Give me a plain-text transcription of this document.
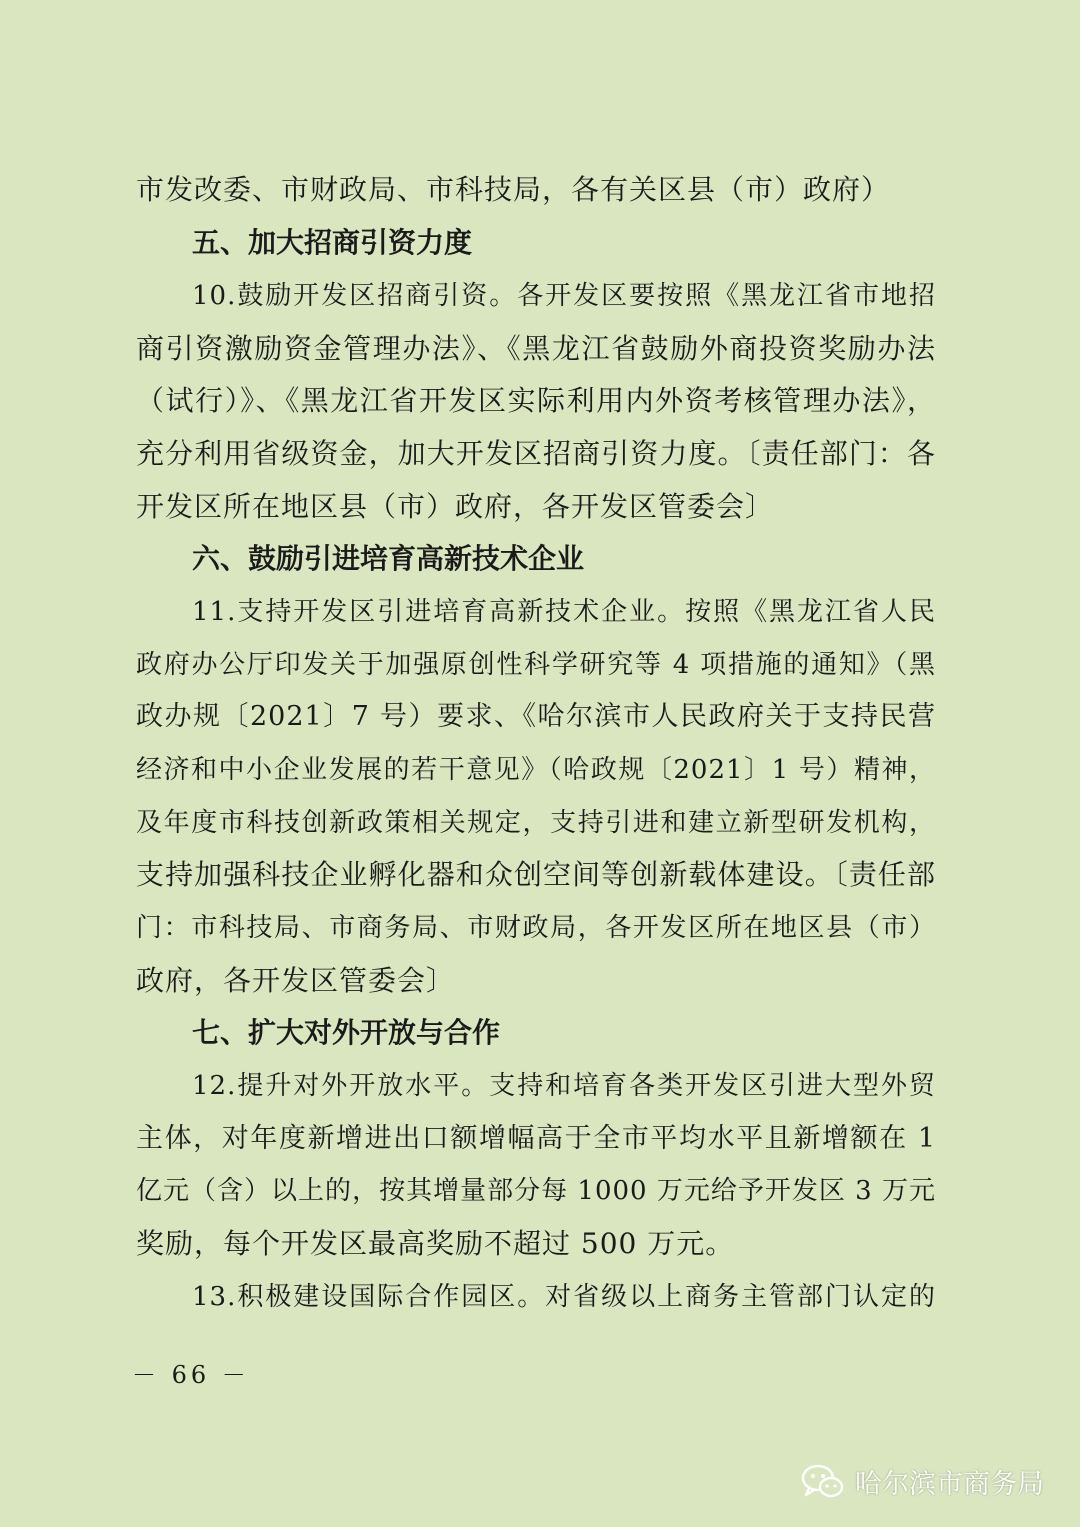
市发改委、市财政局、市科技局，各有关区县（市）政府）
五、加大招商引资力度
10.鼓励开发区招商引资。各开发区要按照《黑龙江省市地招
商引资激励资金管理办法》、《黑龙江省鼓励外商投资奖励办法
（试行）》、《黑龙江省开发区实际利用内外资考核管理办法》，
充分利用省级资金，加大开发区招商引资力度。〔责任部门：各
开发区所在地区县（市）政府，各开发区管委会〕
六、鼓励引进培育高新技术企业
11.支持开发区引进培育高新技术企业。按照《黑龙江省人民
政府办公厅印发关于加强原创性科学研究等 4 项措施的通知》（黑
政办规〔2021〕7 号）要求、《哈尔滨市人民政府关于支持民营
经济和中小企业发展的若干意见》（哈政规〔2021〕1 号）精神，
及年度市科技创新政策相关规定，支持引进和建立新型研发机构，
支持加强科技企业孵化器和众创空间等创新载体建设。〔责任部
门：市科技局、市商务局、市财政局，各开发区所在地区县（市）
政府，各开发区管委会〕
七、扩大对外开放与合作
12.提升对外开放水平。支持和培育各类开发区引进大型外贸
主体，对年度新增进出口额增幅高于全市平均水平且新增额在 1
亿元（含）以上的，按其增量部分每 1000 万元给予开发区 3 万元
奖励，每个开发区最高奖励不超过 500 万元。
13.积极建设国际合作园区。对省级以上商务主管部门认定的
－ 66 －
哈尔滨市商务局
